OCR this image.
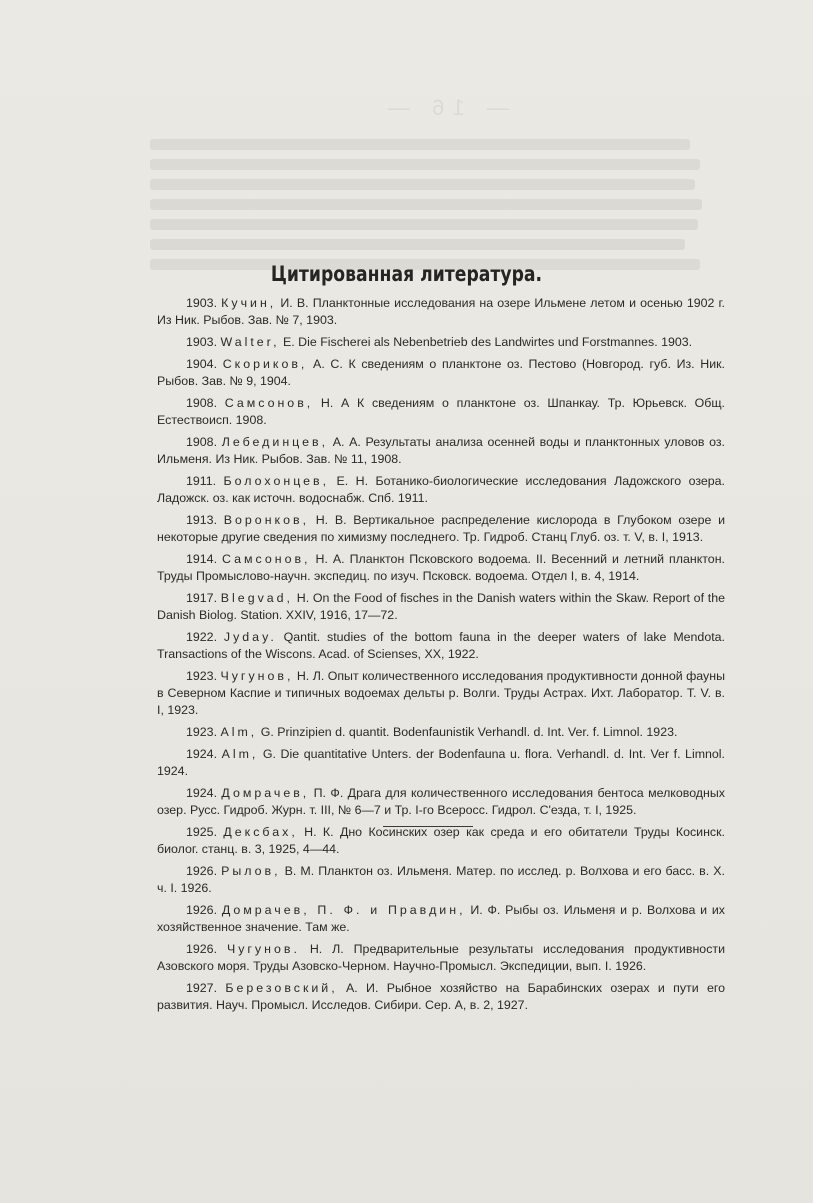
— 16 —
Цитированная литература.

1903. Кучин, И. В. Планктонные исследования на озере Ильмене летом и осенью 1902 г. Из Ник. Рыбов. Зав. № 7, 1903.

1903. Walter, E. Die Fischerei als Nebenbetrieb des Landwirtes und Forstmannes. 1903.

1904. Скориков, А. С. К сведениям о планктоне оз. Пестово (Новгород. губ. Из. Ник. Рыбов. Зав. № 9, 1904.

1908. Самсонов, Н. А К сведениям о планктоне оз. Шпанкау. Тр. Юрьевск. Общ. Естествоисп. 1908.

1908. Лебединцев, А. А. Результаты анализа осенней воды и планктонных уловов оз. Ильменя. Из Ник. Рыбов. Зав. № 11, 1908.

1911. Болохонцев, Е. Н. Ботанико-биологические исследования Ладожского озера. Ладожск. оз. как источн. водоснабж. Спб. 1911.

1913. Воронков, Н. В. Вертикальное распределение кислорода в Глубоком озере и некоторые другие сведения по химизму последнего. Тр. Гидроб. Станц Глуб. оз. т. V, в. I, 1913.

1914. Самсонов, Н. А. Планктон Псковского водоема. II. Весенний и летний планктон. Труды Промыслово-научн. экспедиц. по изуч. Псковск. водоема. Отдел I, в. 4, 1914.

1917. Blegvad, H. On the Food of fisches in the Danish waters within the Skaw. Report of the Danish Biolog. Station. XXIV, 1916, 17—72.

1922. Jyday. Qantit. studies of the bottom fauna in the deeper waters of lake Mendota. Transactions of the Wiscons. Acad. of Scienses, XX, 1922.

1923. Чугунов, Н. Л. Опыт количественного исследования продуктивности донной фауны в Северном Каспие и типичных водоемах дельты р. Волги. Труды Астрах. Ихт. Лаборатор. Т. V. в. I, 1923.

1923. Alm, G. Prinzipien d. quantit. Bodenfaunistik Verhandl. d. Int. Ver. f. Limnol. 1923.

1924. Alm, G. Die quantitative Unters. der Bodenfauna u. flora. Verhandl. d. Int. Ver f. Limnol. 1924.

1924. Домрачев, П. Ф. Драга для количественного исследования бентоса мелководных озер. Русс. Гидроб. Журн. т. III, № 6—7 и Тр. I-го Всеросс. Гидрол. С'езда, т. I, 1925.

1925. Дексбах, Н. К. Дно Косинских озер как среда и его обитатели Труды Косинск. биолог. станц. в. 3, 1925, 4—44.

1926. Рылов, В. М. Планктон оз. Ильменя. Матер. по исслед. р. Волхова и его басс. в. X. ч. I. 1926.

1926. Домрачев, П. Ф. и Правдин, И. Ф. Рыбы оз. Ильменя и р. Волхова и их хозяйственное значение. Там же.

1926. Чугунов. Н. Л. Предварительные результаты исследования продуктивности Азовского моря. Труды Азовско-Черном. Научно-Промысл. Экспедиции, вып. I. 1926.

1927. Березовский, А. И. Рыбное хозяйство на Барабинских озерах и пути его развития. Науч. Промысл. Исследов. Сибири. Сер. А, в. 2, 1927.
